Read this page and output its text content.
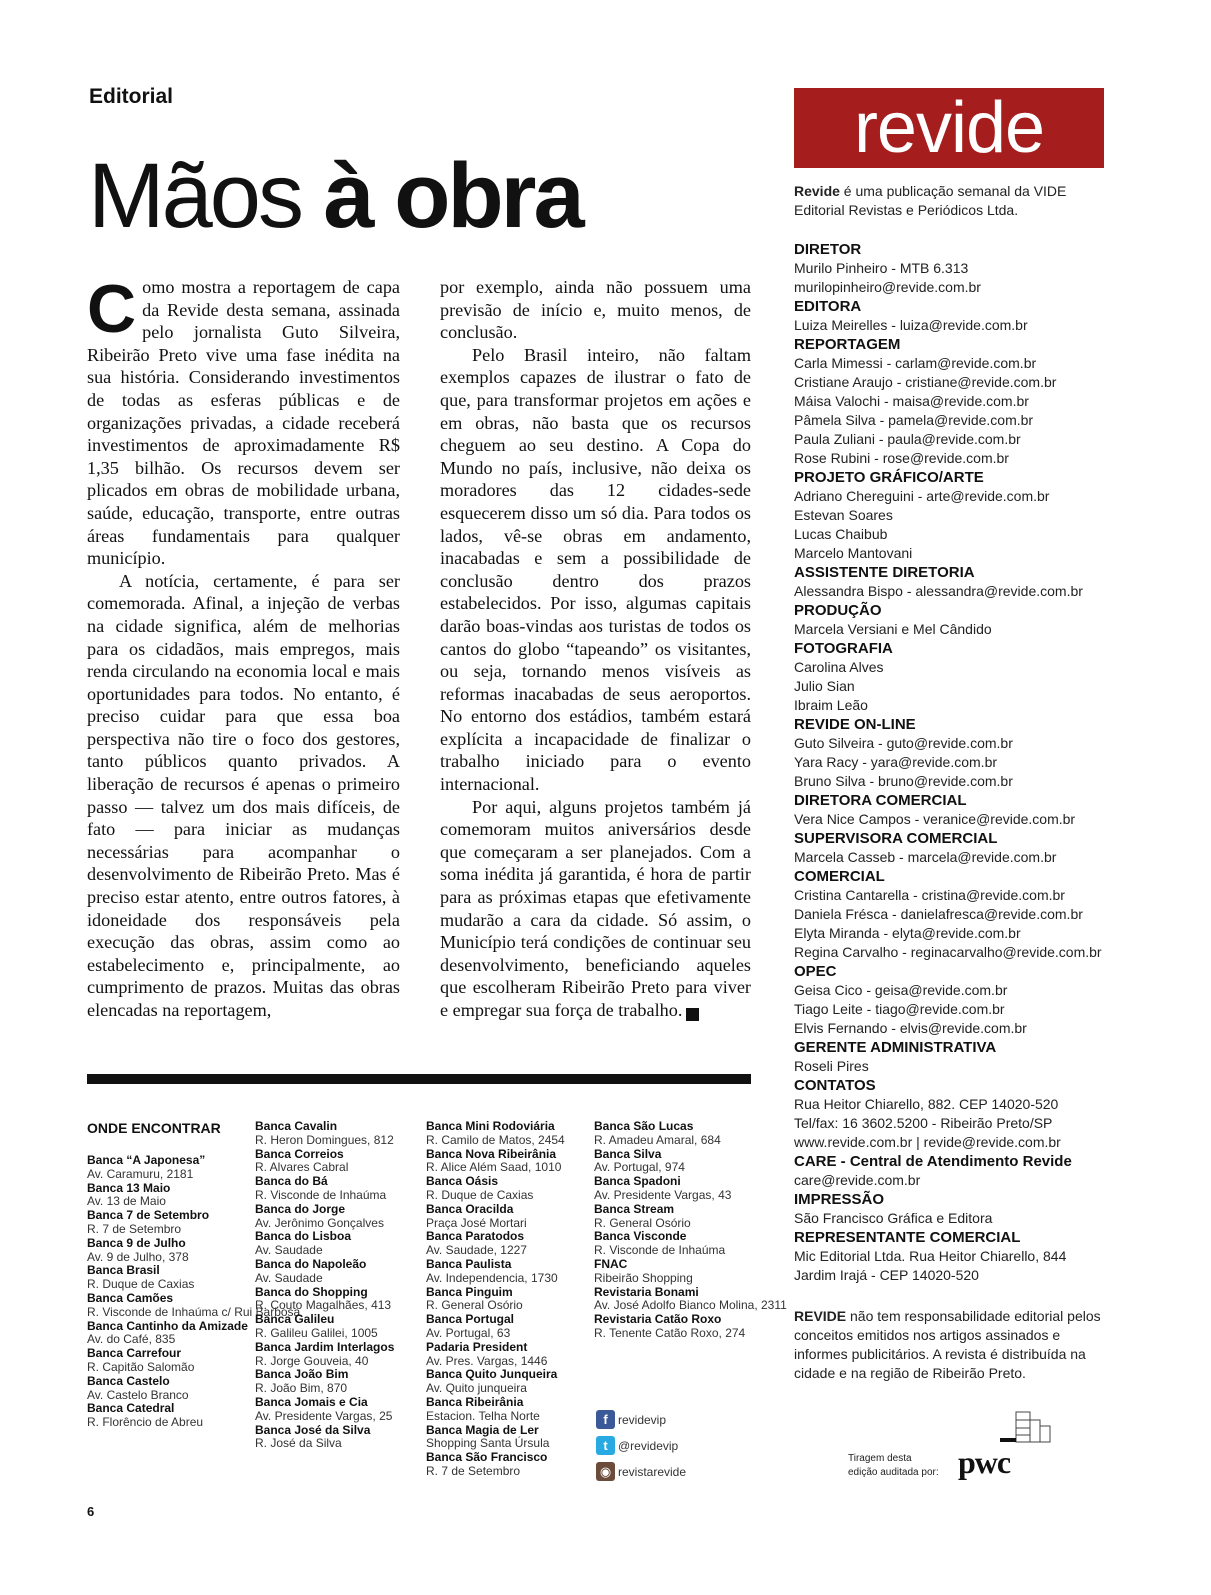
Editorial
Mãos à obra

Como mostra a reportagem de capa da Revide desta semana, assinada pelo jornalista Guto Silveira, Ribeirão Preto vive uma fase inédita na sua história. Considerando investimentos de todas as esferas públicas e de organizações privadas, a cidade receberá investimentos de aproximadamente R$ 1,35 bilhão. Os recursos devem ser plicados em obras de mobilidade urbana, saúde, educação, transporte, entre outras áreas fundamentais para qualquer município.

A notícia, certamente, é para ser comemorada. Afinal, a injeção de verbas na cidade significa, além de melhorias para os cidadãos, mais empregos, mais renda circulando na economia local e mais oportunidades para todos. No entanto, é preciso cuidar para que essa boa perspectiva não tire o foco dos gestores, tanto públicos quanto privados. A liberação de recursos é apenas o primeiro passo — talvez um dos mais difíceis, de fato — para iniciar as mudanças necessárias para acompanhar o desenvolvimento de Ribeirão Preto. Mas é preciso estar atento, entre outros fatores, à idoneidade dos responsáveis pela execução das obras, assim como ao estabelecimento e, principalmente, ao cumprimento de prazos. Muitas das obras elencadas na reportagem,

por exemplo, ainda não possuem uma previsão de início e, muito menos, de conclusão.

Pelo Brasil inteiro, não faltam exemplos capazes de ilustrar o fato de que, para transformar projetos em ações e em obras, não basta que os recursos cheguem ao seu destino. A Copa do Mundo no país, inclusive, não deixa os moradores das 12 cidades-sede esquecerem disso um só dia. Para todos os lados, vê-se obras em andamento, inacabadas e sem a possibilidade de conclusão dentro dos prazos estabelecidos. Por isso, algumas capitais darão boas-vindas aos turistas de todos os cantos do globo “tapeando” os visitantes, ou seja, tornando menos visíveis as reformas inacabadas de seus aeroportos. No entorno dos estádios, também estará explícita a incapacidade de finalizar o trabalho iniciado para o evento internacional.

Por aqui, alguns projetos também já comemoram muitos aniversários desde que começaram a ser planejados. Com a soma inédita já garantida, é hora de partir para as próximas etapas que efetivamente mudarão a cara da cidade. Só assim, o Município terá condições de continuar seu desenvolvimento, beneficiando aqueles que escolheram Ribeirão Preto para viver e empregar sua força de trabalho.	r

ONDE ENCONTRAR
Banca “A Japonesa”
Av. Caramuru, 2181
Banca 13 Maio
Av. 13 de Maio
Banca 7 de Setembro
R. 7 de Setembro
Banca 9 de Julho
Av. 9 de Julho, 378
Banca Brasil
R. Duque de Caxias
Banca Camões
R. Visconde de Inhaúma c/ Rui Barbosa
Banca Cantinho da Amizade
Av. do Café, 835
Banca Carrefour
R. Capitão Salomão
Banca Castelo
Av. Castelo Branco
Banca Catedral
R. Florêncio de Abreu
Banca Cavalin
R. Heron Domingues, 812
Banca Correios
R. Alvares Cabral
Banca do Bá
R. Visconde de Inhaúma
Banca do Jorge
Av. Jerônimo Gonçalves
Banca do Lisboa
Av. Saudade
Banca do Napoleão
Av. Saudade
Banca do Shopping
R. Couto Magalhães, 413
Banca Galileu
R. Galileu Galilei, 1005
Banca Jardim Interlagos
R. Jorge Gouveia, 40
Banca João Bim
R. João Bim, 870
Banca Jomais e Cia
Av. Presidente Vargas, 25
Banca José da Silva
R. José da Silva
Banca Mini Rodoviária
R. Camilo de Matos, 2454
Banca Nova Ribeirânia
R. Alice Além Saad, 1010
Banca Oásis
R. Duque de Caxias
Banca Oracilda
Praça José Mortari
Banca Paratodos
Av. Saudade, 1227
Banca Paulista
Av. Independencia, 1730
Banca Pinguim
R. General Osório
Banca Portugal
Av. Portugal, 63
Padaria President
Av. Pres. Vargas, 1446
Banca Quito Junqueira
Av. Quito junqueira
Banca Ribeirânia
Estacion. Telha Norte
Banca Magia de Ler
Shopping Santa Úrsula
Banca São Francisco
R. 7 de Setembro
Banca São Lucas
R. Amadeu Amaral, 684
Banca Silva
Av. Portugal, 974
Banca Spadoni
Av. Presidente Vargas, 43
Banca Stream
R. General Osório
Banca Visconde
R. Visconde de Inhaúma
FNAC
Ribeirão Shopping
Revistaria Bonami
Av. José Adolfo Bianco Molina, 2311
Revistaria Catão Roxo
R. Tenente Catão Roxo, 274
f revidevip
t @revidevip
◉ revistarevide
revide
Revide é uma publicação semanal da VIDE Editorial Revistas e Periódicos Ltda.
DIRETOR
Murilo Pinheiro - MTB 6.313
murilopinheiro@revide.com.br
EDITORA
Luiza Meirelles - luiza@revide.com.br
REPORTAGEM
Carla Mimessi - carlam@revide.com.br
Cristiane Araujo - cristiane@revide.com.br
Máisa Valochi - maisa@revide.com.br
Pâmela Silva - pamela@revide.com.br
Paula Zuliani - paula@revide.com.br
Rose Rubini - rose@revide.com.br
PROJETO GRÁFICO/ARTE
Adriano Chereguini - arte@revide.com.br
Estevan Soares
Lucas Chaibub
Marcelo Mantovani
ASSISTENTE DIRETORIA
Alessandra Bispo - alessandra@revide.com.br
PRODUÇÃO
Marcela Versiani e Mel Cândido
FOTOGRAFIA
Carolina Alves
Julio Sian
Ibraim Leão
REVIDE ON-LINE
Guto Silveira - guto@revide.com.br
Yara Racy - yara@revide.com.br
Bruno Silva - bruno@revide.com.br
DIRETORA COMERCIAL
Vera Nice Campos - veranice@revide.com.br
SUPERVISORA COMERCIAL
Marcela Casseb - marcela@revide.com.br
COMERCIAL
Cristina Cantarella - cristina@revide.com.br
Daniela Frésca - danielafresca@revide.com.br
Elyta Miranda - elyta@revide.com.br
Regina Carvalho - reginacarvalho@revide.com.br
OPEC
Geisa Cico - geisa@revide.com.br
Tiago Leite - tiago@revide.com.br
Elvis Fernando - elvis@revide.com.br
GERENTE ADMINISTRATIVA
Roseli Pires
CONTATOS
Rua Heitor Chiarello, 882. CEP 14020-520
Tel/fax: 16 3602.5200 - Ribeirão Preto/SP
www.revide.com.br | revide@revide.com.br
CARE - Central de Atendimento Revide
care@revide.com.br
IMPRESSÃO
São Francisco Gráfica e Editora
REPRESENTANTE COMERCIAL
Mic Editorial Ltda. Rua Heitor Chiarello, 844
Jardim Irajá - CEP 14020-520
REVIDE não tem responsabilidade editorial pelos conceitos emitidos nos artigos assinados e informes publicitários. A revista é distribuída na cidade e na região de Ribeirão Preto.
Tiragem desta
edição auditada por: pwc
6
